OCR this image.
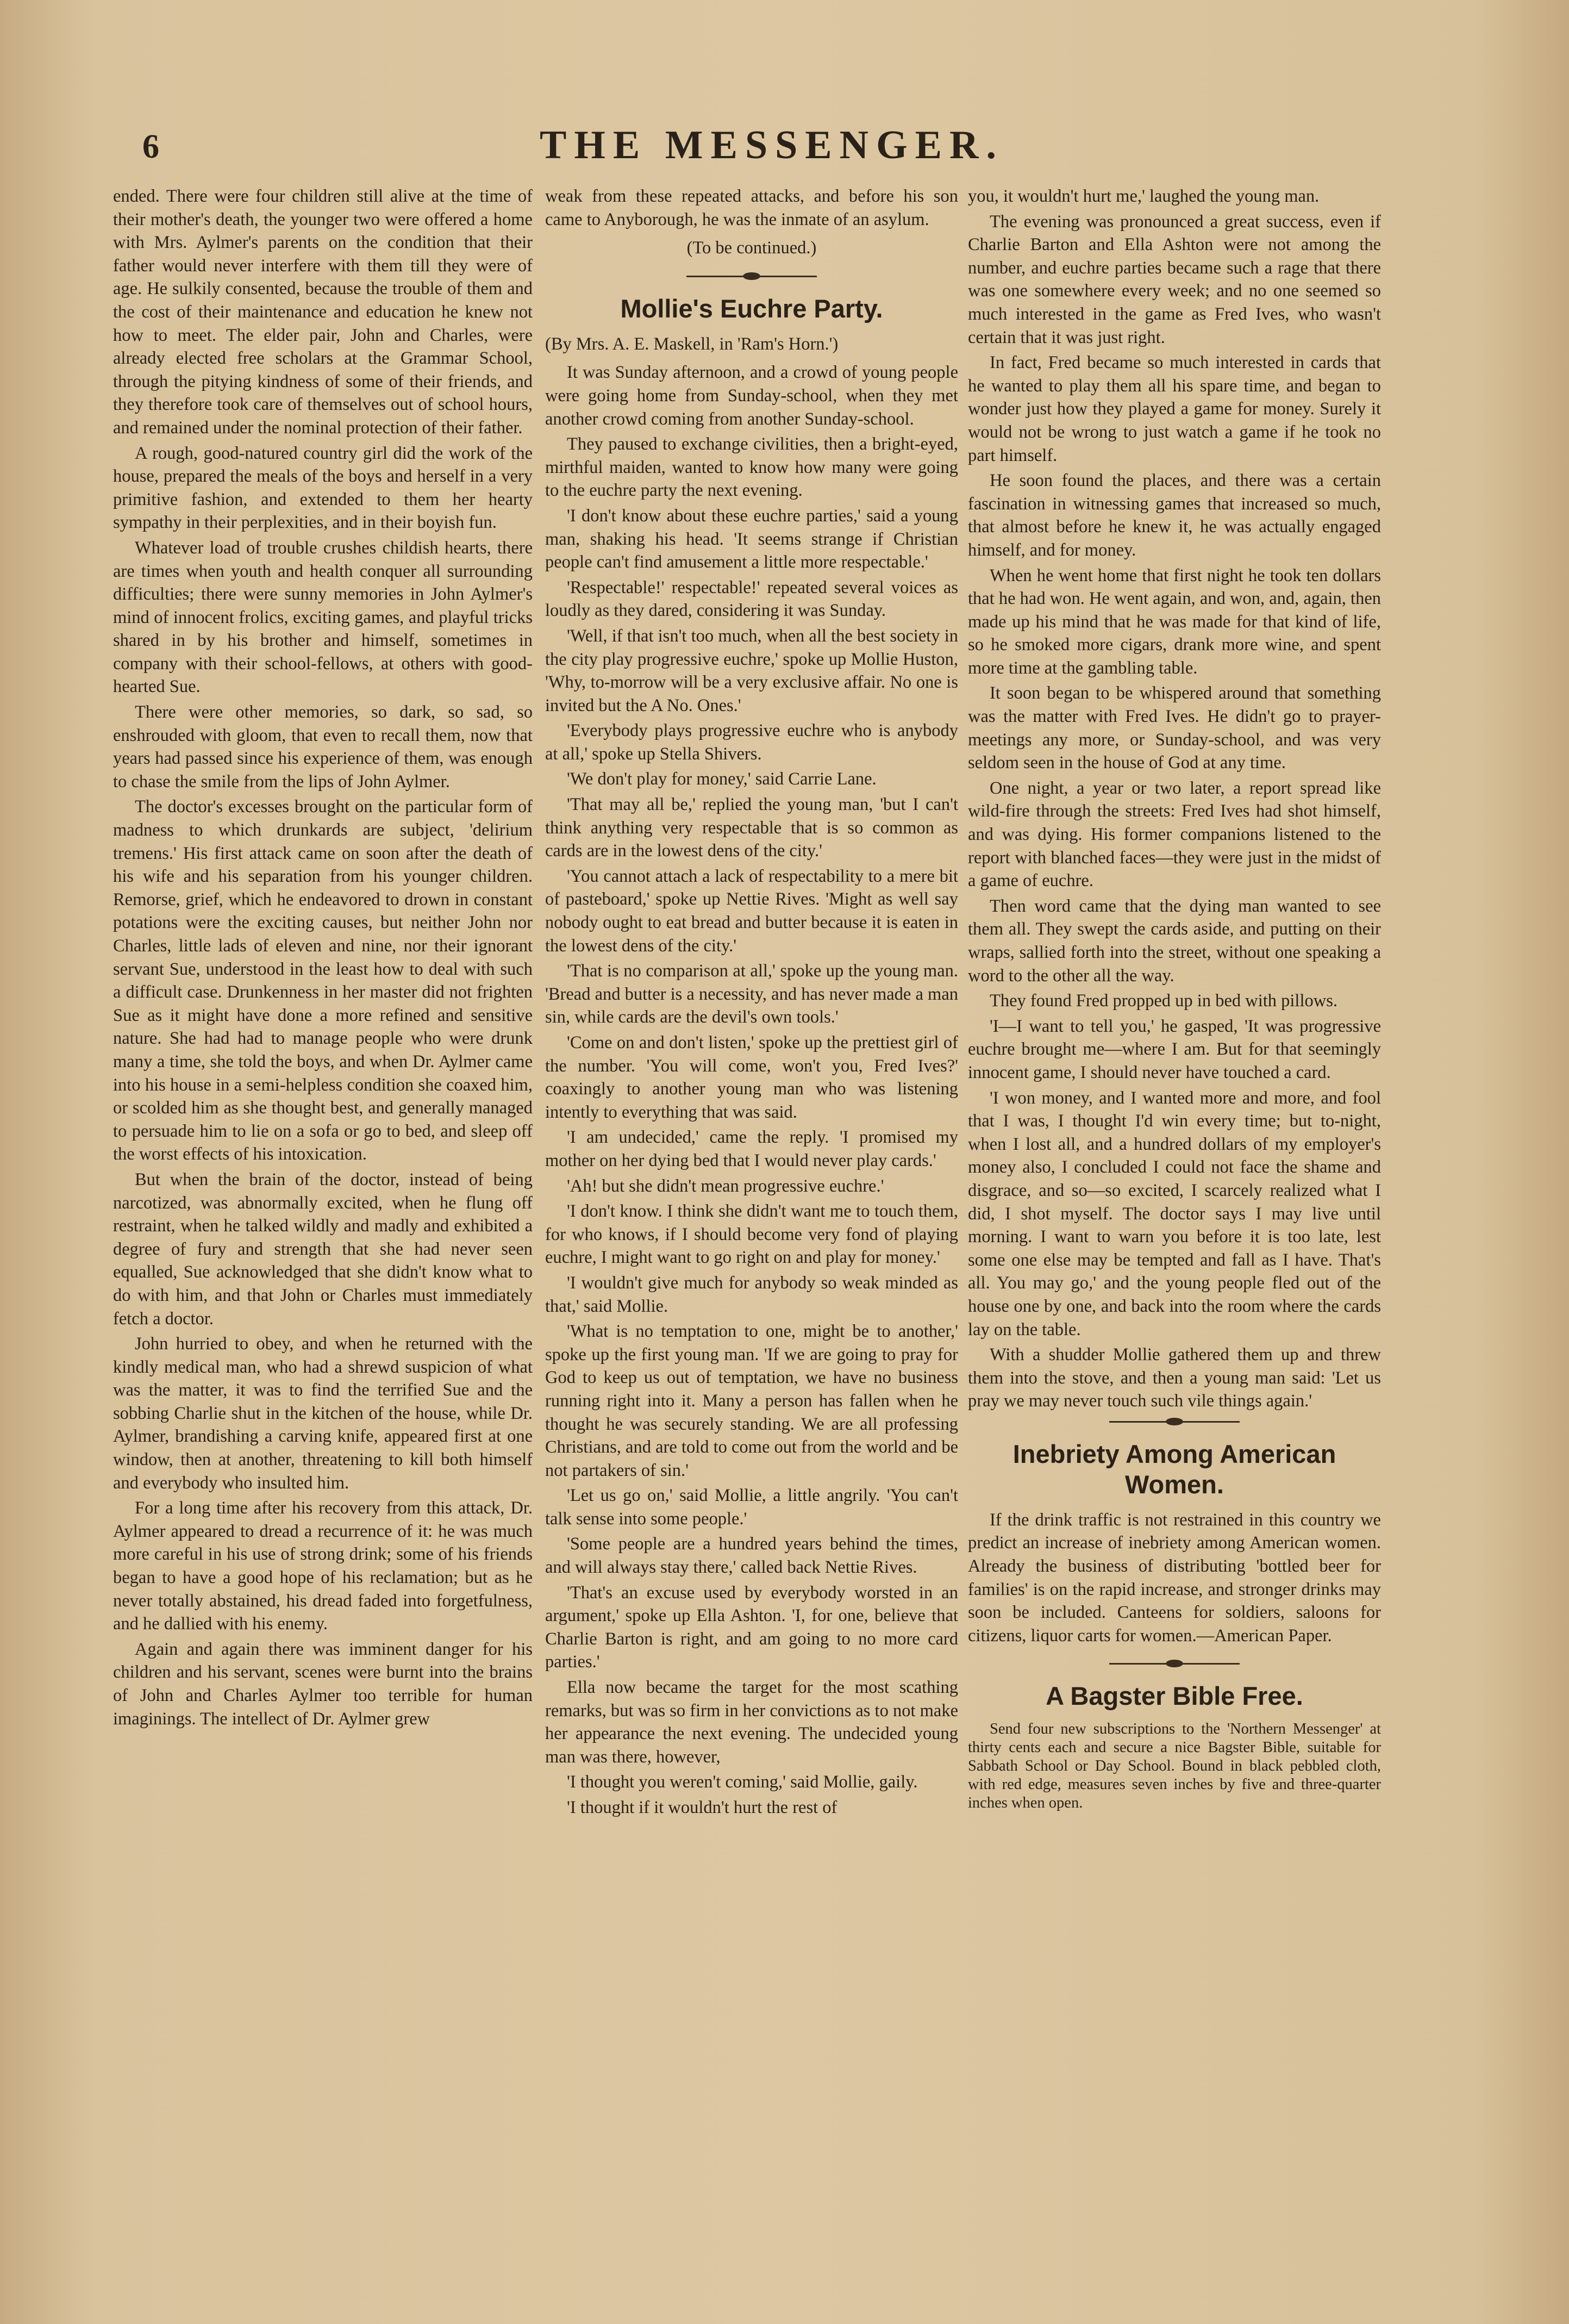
6	THE MESSENGER.

ended. There were four children still alive at the time of their mother's death, the younger two were offered a home with Mrs. Aylmer's parents on the condition that their father would never interfere with them till they were of age. He sulkily consented, because the trouble of them and the cost of their maintenance and education he knew not how to meet. The elder pair, John and Charles, were already elected free scholars at the Grammar School, through the pitying kindness of some of their friends, and they therefore took care of themselves out of school hours, and remained under the nominal protection of their father.

A rough, good-natured country girl did the work of the house, prepared the meals of the boys and herself in a very primitive fashion, and extended to them her hearty sympathy in their perplexities, and in their boyish fun.

Whatever load of trouble crushes childish hearts, there are times when youth and health conquer all surrounding difficulties; there were sunny memories in John Aylmer's mind of innocent frolics, exciting games, and playful tricks shared in by his brother and himself, sometimes in company with their school-fellows, at others with good-hearted Sue.

There were other memories, so dark, so sad, so enshrouded with gloom, that even to recall them, now that years had passed since his experience of them, was enough to chase the smile from the lips of John Aylmer.

The doctor's excesses brought on the particular form of madness to which drunkards are subject, 'delirium tremens.' His first attack came on soon after the death of his wife and his separation from his younger children. Remorse, grief, which he endeavored to drown in constant potations were the exciting causes, but neither John nor Charles, little lads of eleven and nine, nor their ignorant servant Sue, understood in the least how to deal with such a difficult case. Drunkenness in her master did not frighten Sue as it might have done a more refined and sensitive nature. She had had to manage people who were drunk many a time, she told the boys, and when Dr. Aylmer came into his house in a semi-helpless condition she coaxed him, or scolded him as she thought best, and generally managed to persuade him to lie on a sofa or go to bed, and sleep off the worst effects of his intoxication.

But when the brain of the doctor, instead of being narcotized, was abnormally excited, when he flung off restraint, when he talked wildly and madly and exhibited a degree of fury and strength that she had never seen equalled, Sue acknowledged that she didn't know what to do with him, and that John or Charles must immediately fetch a doctor.

John hurried to obey, and when he returned with the kindly medical man, who had a shrewd suspicion of what was the matter, it was to find the terrified Sue and the sobbing Charlie shut in the kitchen of the house, while Dr. Aylmer, brandishing a carving knife, appeared first at one window, then at another, threatening to kill both himself and everybody who insulted him.

For a long time after his recovery from this attack, Dr. Aylmer appeared to dread a recurrence of it: he was much more careful in his use of strong drink; some of his friends began to have a good hope of his reclamation; but as he never totally abstained, his dread faded into forgetfulness, and he dallied with his enemy.

Again and again there was imminent danger for his children and his servant, scenes were burnt into the brains of John and Charles Aylmer too terrible for human imaginings. The intellect of Dr. Aylmer grew

weak from these repeated attacks, and before his son came to Anyborough, he was the inmate of an asylum.

(To be continued.)
Mollie's Euchre Party.

(By Mrs. A. E. Maskell, in 'Ram's Horn.')

It was Sunday afternoon, and a crowd of young people were going home from Sunday-school, when they met another crowd coming from another Sunday-school.

They paused to exchange civilities, then a bright-eyed, mirthful maiden, wanted to know how many were going to the euchre party the next evening.

'I don't know about these euchre parties,' said a young man, shaking his head. 'It seems strange if Christian people can't find amusement a little more respectable.'

'Respectable!' respectable!' repeated several voices as loudly as they dared, considering it was Sunday.

'Well, if that isn't too much, when all the best society in the city play progressive euchre,' spoke up Mollie Huston, 'Why, to-morrow will be a very exclusive affair. No one is invited but the A No. Ones.'

'Everybody plays progressive euchre who is anybody at all,' spoke up Stella Shivers.

'We don't play for money,' said Carrie Lane.

'That may all be,' replied the young man, 'but I can't think anything very respectable that is so common as cards are in the lowest dens of the city.'

'You cannot attach a lack of respectability to a mere bit of pasteboard,' spoke up Nettie Rives. 'Might as well say nobody ought to eat bread and butter because it is eaten in the lowest dens of the city.'

'That is no comparison at all,' spoke up the young man. 'Bread and butter is a necessity, and has never made a man sin, while cards are the devil's own tools.'

'Come on and don't listen,' spoke up the prettiest girl of the number. 'You will come, won't you, Fred Ives?' coaxingly to another young man who was listening intently to everything that was said.

'I am undecided,' came the reply. 'I promised my mother on her dying bed that I would never play cards.'

'Ah! but she didn't mean progressive euchre.'

'I don't know. I think she didn't want me to touch them, for who knows, if I should become very fond of playing euchre, I might want to go right on and play for money.'

'I wouldn't give much for anybody so weak minded as that,' said Mollie.

'What is no temptation to one, might be to another,' spoke up the first young man. 'If we are going to pray for God to keep us out of temptation, we have no business running right into it. Many a person has fallen when he thought he was securely standing. We are all professing Christians, and are told to come out from the world and be not partakers of sin.'

'Let us go on,' said Mollie, a little angrily. 'You can't talk sense into some people.'

'Some people are a hundred years behind the times, and will always stay there,' called back Nettie Rives.

'That's an excuse used by everybody worsted in an argument,' spoke up Ella Ashton. 'I, for one, believe that Charlie Barton is right, and am going to no more card parties.'

Ella now became the target for the most scathing remarks, but was so firm in her convictions as to not make her appearance the next evening. The undecided young man was there, however,

'I thought you weren't coming,' said Mollie, gaily.

'I thought if it wouldn't hurt the rest of

you, it wouldn't hurt me,' laughed the young man.

The evening was pronounced a great success, even if Charlie Barton and Ella Ashton were not among the number, and euchre parties became such a rage that there was one somewhere every week; and no one seemed so much interested in the game as Fred Ives, who wasn't certain that it was just right.

In fact, Fred became so much interested in cards that he wanted to play them all his spare time, and began to wonder just how they played a game for money. Surely it would not be wrong to just watch a game if he took no part himself.

He soon found the places, and there was a certain fascination in witnessing games that increased so much, that almost before he knew it, he was actually engaged himself, and for money.

When he went home that first night he took ten dollars that he had won. He went again, and won, and, again, then made up his mind that he was made for that kind of life, so he smoked more cigars, drank more wine, and spent more time at the gambling table.

It soon began to be whispered around that something was the matter with Fred Ives. He didn't go to prayer-meetings any more, or Sunday-school, and was very seldom seen in the house of God at any time.

One night, a year or two later, a report spread like wild-fire through the streets: Fred Ives had shot himself, and was dying. His former companions listened to the report with blanched faces—they were just in the midst of a game of euchre.

Then word came that the dying man wanted to see them all. They swept the cards aside, and putting on their wraps, sallied forth into the street, without one speaking a word to the other all the way.

They found Fred propped up in bed with pillows.

'I—I want to tell you,' he gasped, 'It was progressive euchre brought me—where I am. But for that seemingly innocent game, I should never have touched a card.

'I won money, and I wanted more and more, and fool that I was, I thought I'd win every time; but to-night, when I lost all, and a hundred dollars of my employer's money also, I concluded I could not face the shame and disgrace, and so—so excited, I scarcely realized what I did, I shot myself. The doctor says I may live until morning. I want to warn you before it is too late, lest some one else may be tempted and fall as I have. That's all. You may go,' and the young people fled out of the house one by one, and back into the room where the cards lay on the table.

With a shudder Mollie gathered them up and threw them into the stove, and then a young man said: 'Let us pray we may never touch such vile things again.'

Inebriety Among American Women.

If the drink traffic is not restrained in this country we predict an increase of inebriety among American women. Already the business of distributing 'bottled beer for families' is on the rapid increase, and stronger drinks may soon be included. Canteens for soldiers, saloons for citizens, liquor carts for women.—American Paper.

A Bagster Bible Free.

Send four new subscriptions to the 'Northern Messenger' at thirty cents each and secure a nice Bagster Bible, suitable for Sabbath School or Day School. Bound in black pebbled cloth, with red edge, measures seven inches by five and three-quarter inches when open.
